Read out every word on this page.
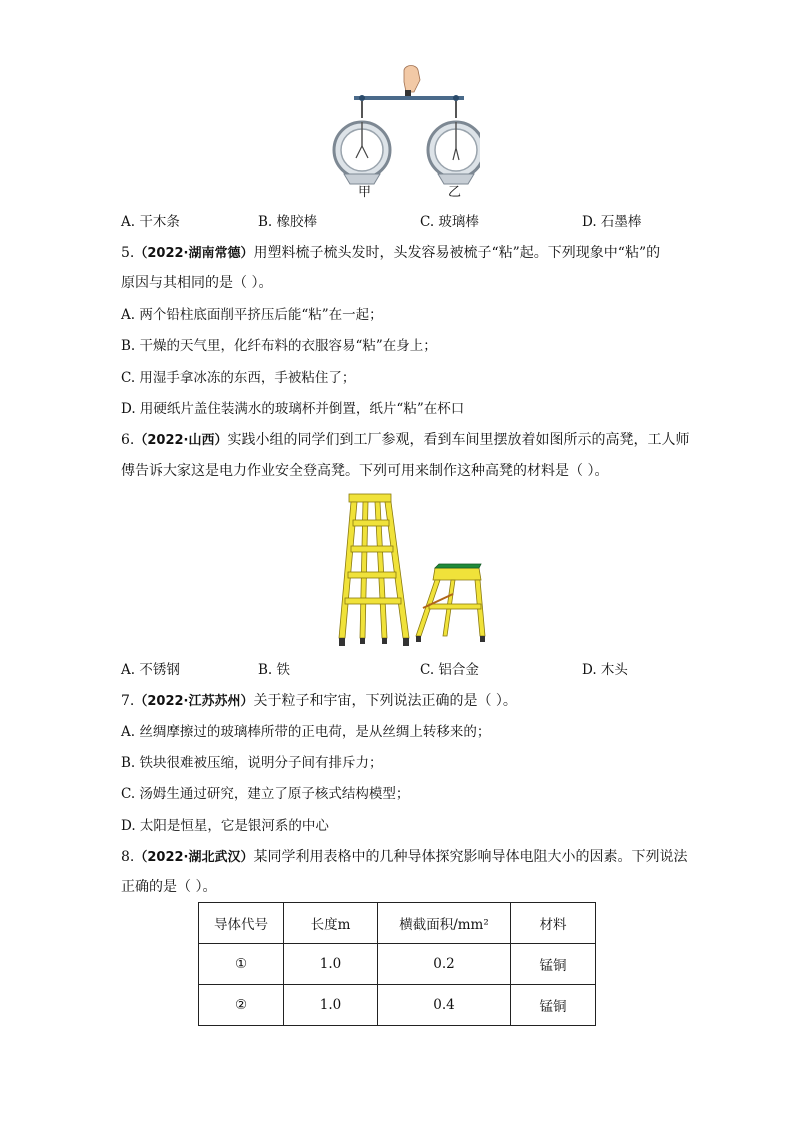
甲	乙
A. 干木条	B. 橡胶棒	C. 玻璃棒	D. 石墨棒
5.（2022·湖南常德）用塑料梳子梳头发时，头发容易被梳子“粘”起。下列现象中“粘”的
原因与其相同的是（ ）。
A. 两个铅柱底面削平挤压后能“粘”在一起；
B. 干燥的天气里，化纤布料的衣服容易“粘”在身上；
C. 用湿手拿冰冻的东西，手被粘住了；
D. 用硬纸片盖住装满水的玻璃杯并倒置，纸片“粘”在杯口
6.（2022·山西）实践小组的同学们到工厂参观，看到车间里摆放着如图所示的高凳，工人师
傅告诉大家这是电力作业安全登高凳。下列可用来制作这种高凳的材料是（ ）。
A. 不锈钢	B. 铁	C. 铝合金	D. 木头
7.（2022·江苏苏州）关于粒子和宇宙，下列说法正确的是（ ）。
A. 丝绸摩擦过的玻璃棒所带的正电荷，是从丝绸上转移来的；
B. 铁块很难被压缩，说明分子间有排斥力；
C. 汤姆生通过研究，建立了原子核式结构模型；
D. 太阳是恒星，它是银河系的中心
8.（2022·湖北武汉）某同学利用表格中的几种导体探究影响导体电阻大小的因素。下列说法
正确的是（ ）。
导体代号	长度m	横截面积/mm²	材料
①	1.0	0.2	锰铜
②	1.0	0.4	锰铜
